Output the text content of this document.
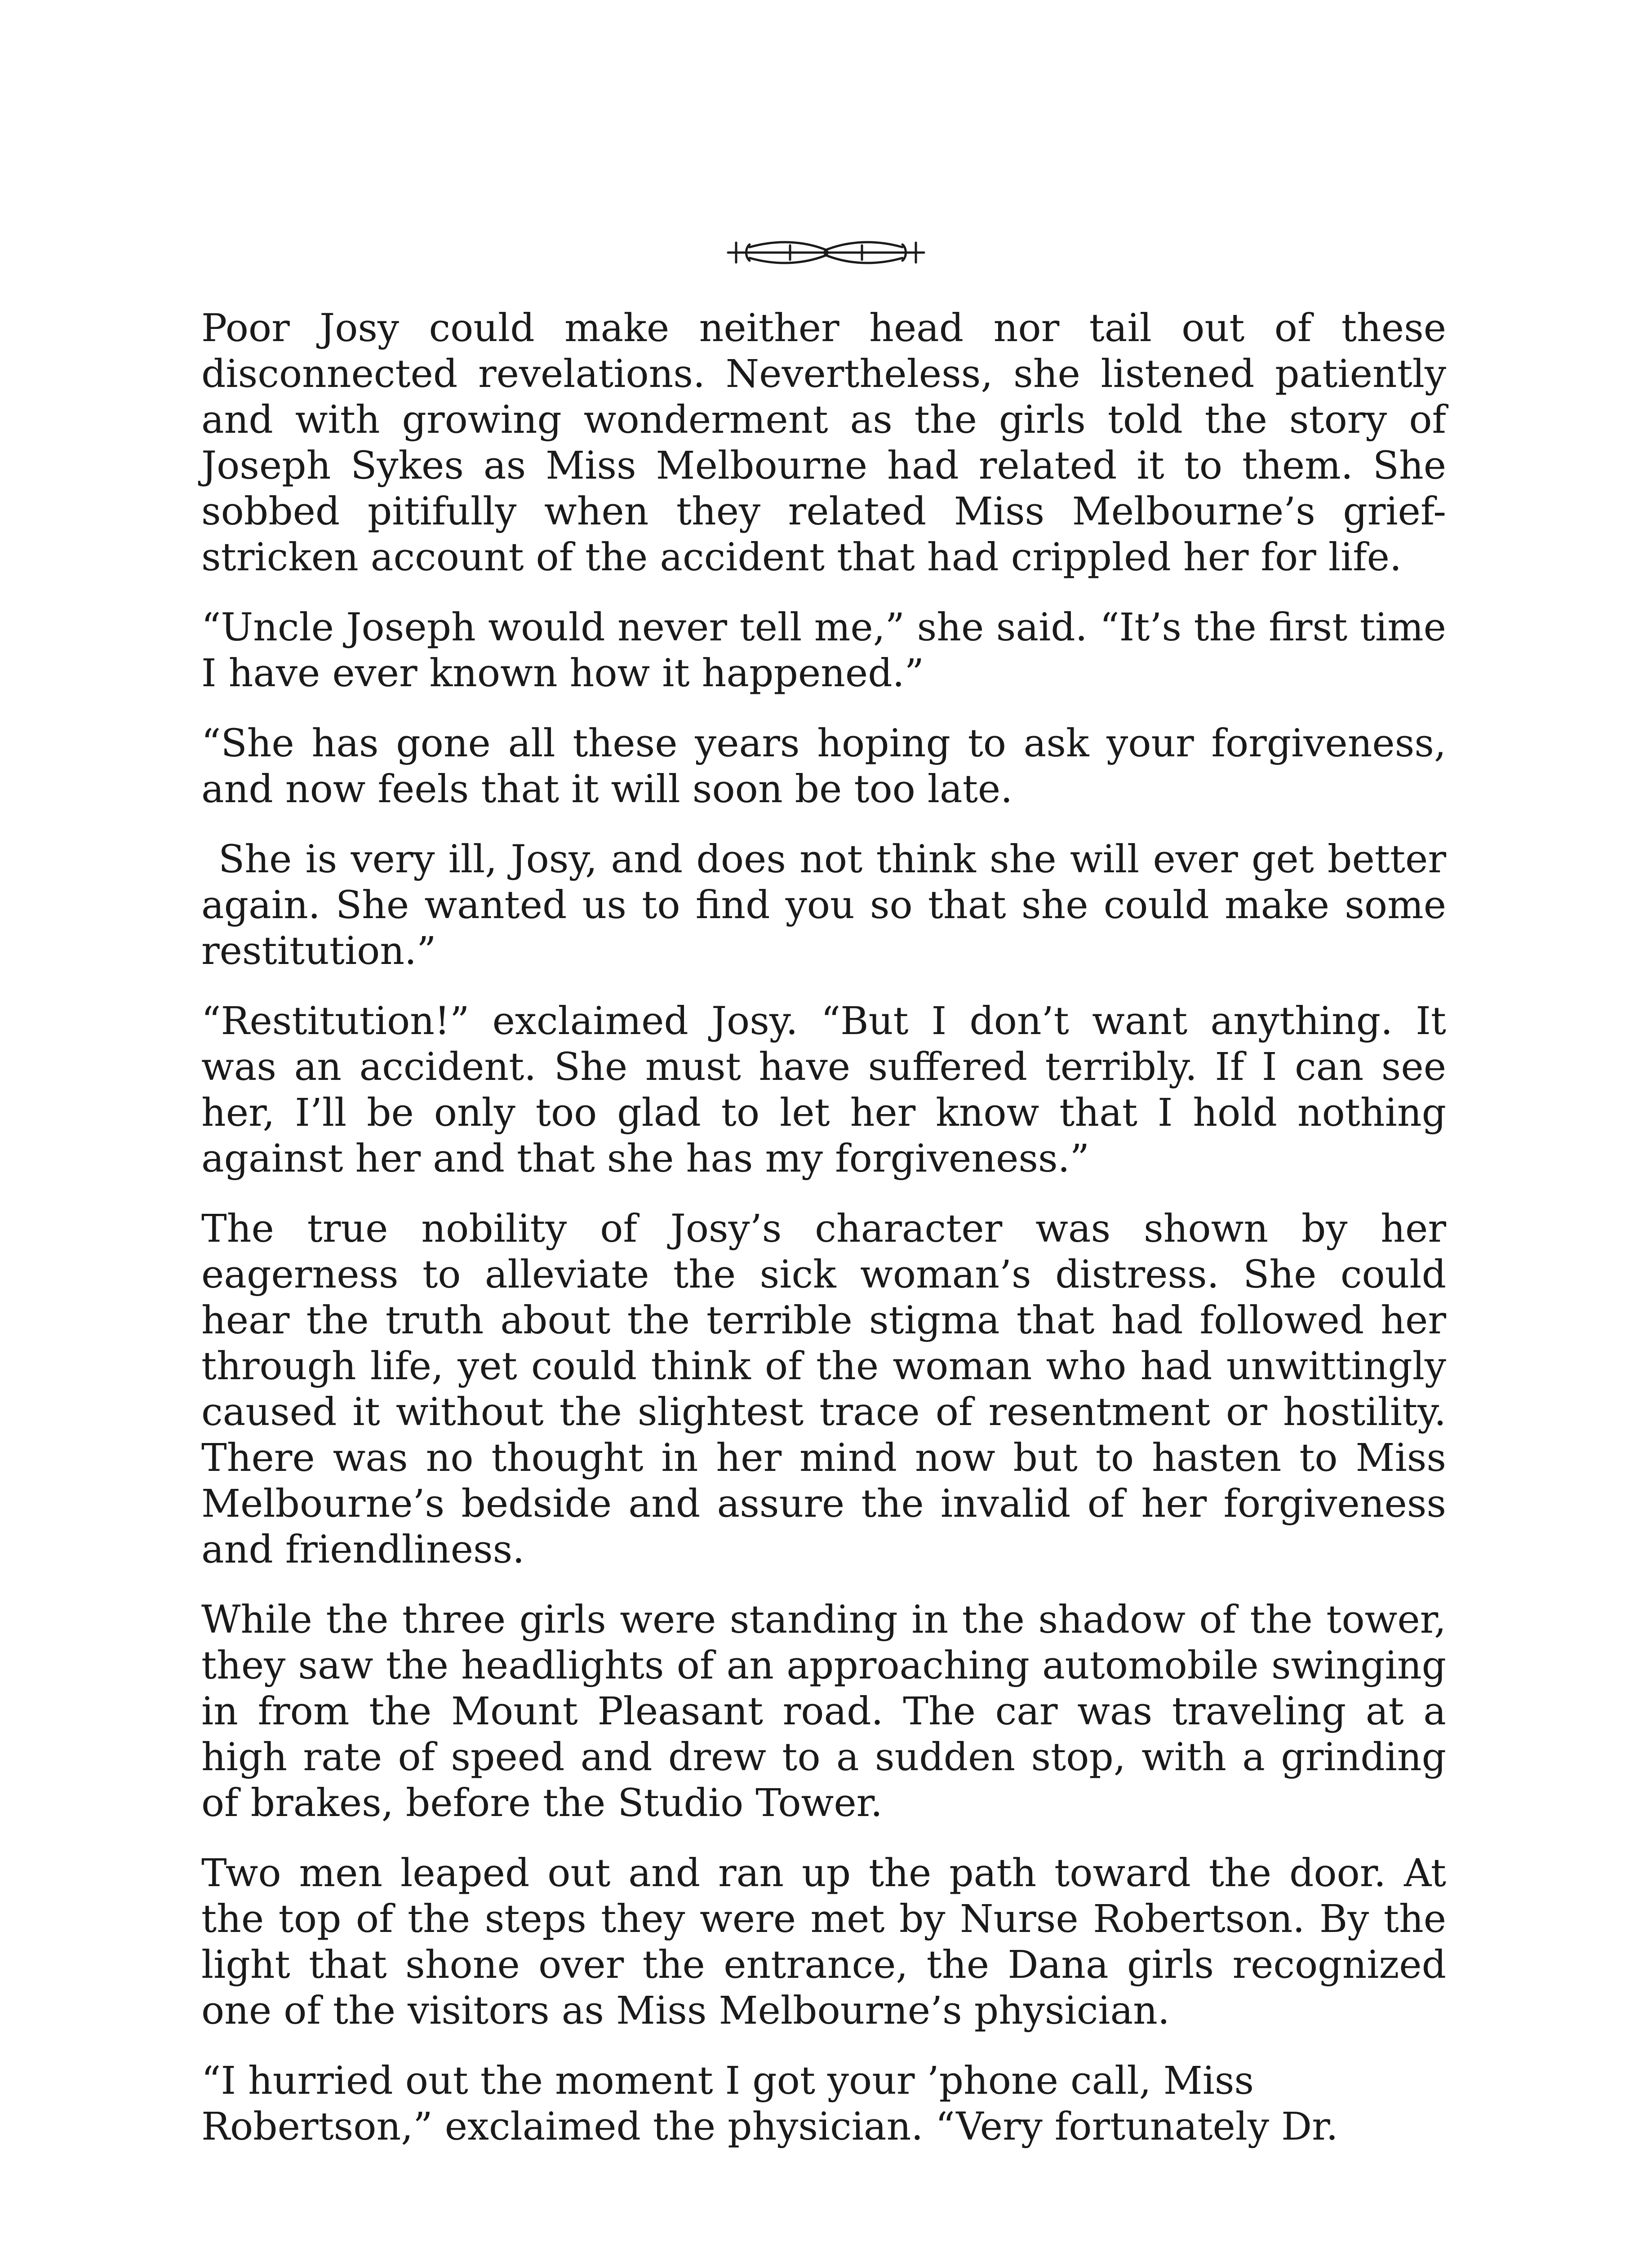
Poor Josy could make neither head nor tail out of these disconnected revelations. Nevertheless, she listened patiently and with growing wonderment as the girls told the story of Joseph Sykes as Miss Melbourne had related it to them. She sobbed pitifully when they related Miss Melbourne’s grief- stricken account of the accident that had crippled her for life.

“Uncle Joseph would never tell me,” she said. “It’s the first time I have ever known how it happened.”

“She has gone all these years hoping to ask your forgiveness, and now feels that it will soon be too late.

She is very ill, Josy, and does not think she will ever get better again. She wanted us to find you so that she could make some restitution.”

“Restitution!” exclaimed Josy. “But I don’t want anything. It was an accident. She must have suffered terribly. If I can see her, I’ll be only too glad to let her know that I hold nothing against her and that she has my forgiveness.”

The true nobility of Josy’s character was shown by her eagerness to alleviate the sick woman’s distress. She could hear the truth about the terrible stigma that had followed her through life, yet could think of the woman who had unwittingly caused it without the slightest trace of resentment or hostility. There was no thought in her mind now but to hasten to Miss Melbourne’s bedside and assure the invalid of her forgiveness and friendliness.

While the three girls were standing in the shadow of the tower, they saw the headlights of an approaching automobile swinging in from the Mount Pleasant road. The car was traveling at a high rate of speed and drew to a sudden stop, with a grinding of brakes, before the Studio Tower.

Two men leaped out and ran up the path toward the door. At the top of the steps they were met by Nurse Robertson. By the light that shone over the entrance, the Dana girls recognized one of the visitors as Miss Melbourne’s physician.

“I hurried out the moment I got your ’phone call, Miss Robertson,” exclaimed the physician. “Very fortunately Dr.
